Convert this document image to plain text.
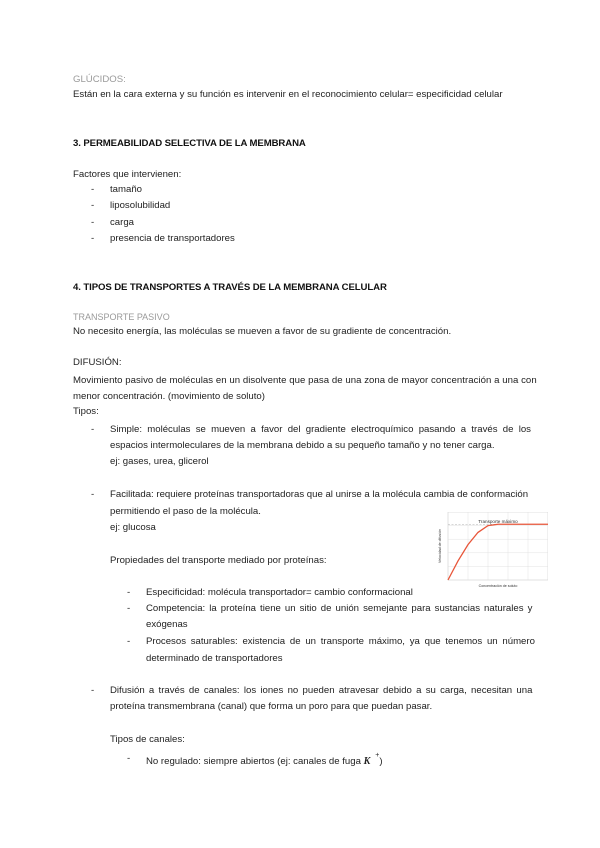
GLÚCIDOS:
Están en la cara externa y su función es intervenir en el reconocimiento celular= especificidad celular
3. PERMEABILIDAD SELECTIVA DE LA MEMBRANA
Factores que intervienen:
- tamaño
- liposolubilidad
- carga
- presencia de transportadores
4. TIPOS DE TRANSPORTES A TRAVÉS DE LA MEMBRANA CELULAR
TRANSPORTE PASIVO
No necesito energía, las moléculas se mueven a favor de su gradiente de concentración.
DIFUSIÓN:
Movimiento pasivo de moléculas en un disolvente que pasa de una zona de mayor concentración a una con
menor concentración. (movimiento de soluto)
Tipos:
- Simple: moléculas se mueven a favor del gradiente electroquímico pasando a través de los
espacios intermoleculares de la membrana debido a su pequeño tamaño y no tener carga.
ej: gases, urea, glicerol
- Facilitada: requiere proteínas transportadoras que al unirse a la molécula cambia de conformación
permitiendo el paso de la molécula.
ej: glucosa
Propiedades del transporte mediado por proteínas:
- Especificidad: molécula transportador= cambio conformacional
- Competencia: la proteína tiene un sitio de unión semejante para sustancias naturales y
exógenas
- Procesos saturables: existencia de un transporte máximo, ya que tenemos un número
determinado de transportadores
- Difusión a través de canales: los iones no pueden atravesar debido a su carga, necesitan una
proteína transmembrana (canal) que forma un poro para que puedan pasar.
Tipos de canales:
- No regulado: siempre abiertos (ej: canales de fuga K+)
Transporte máximo
Concentración de soluto
Velocidad de difusión
